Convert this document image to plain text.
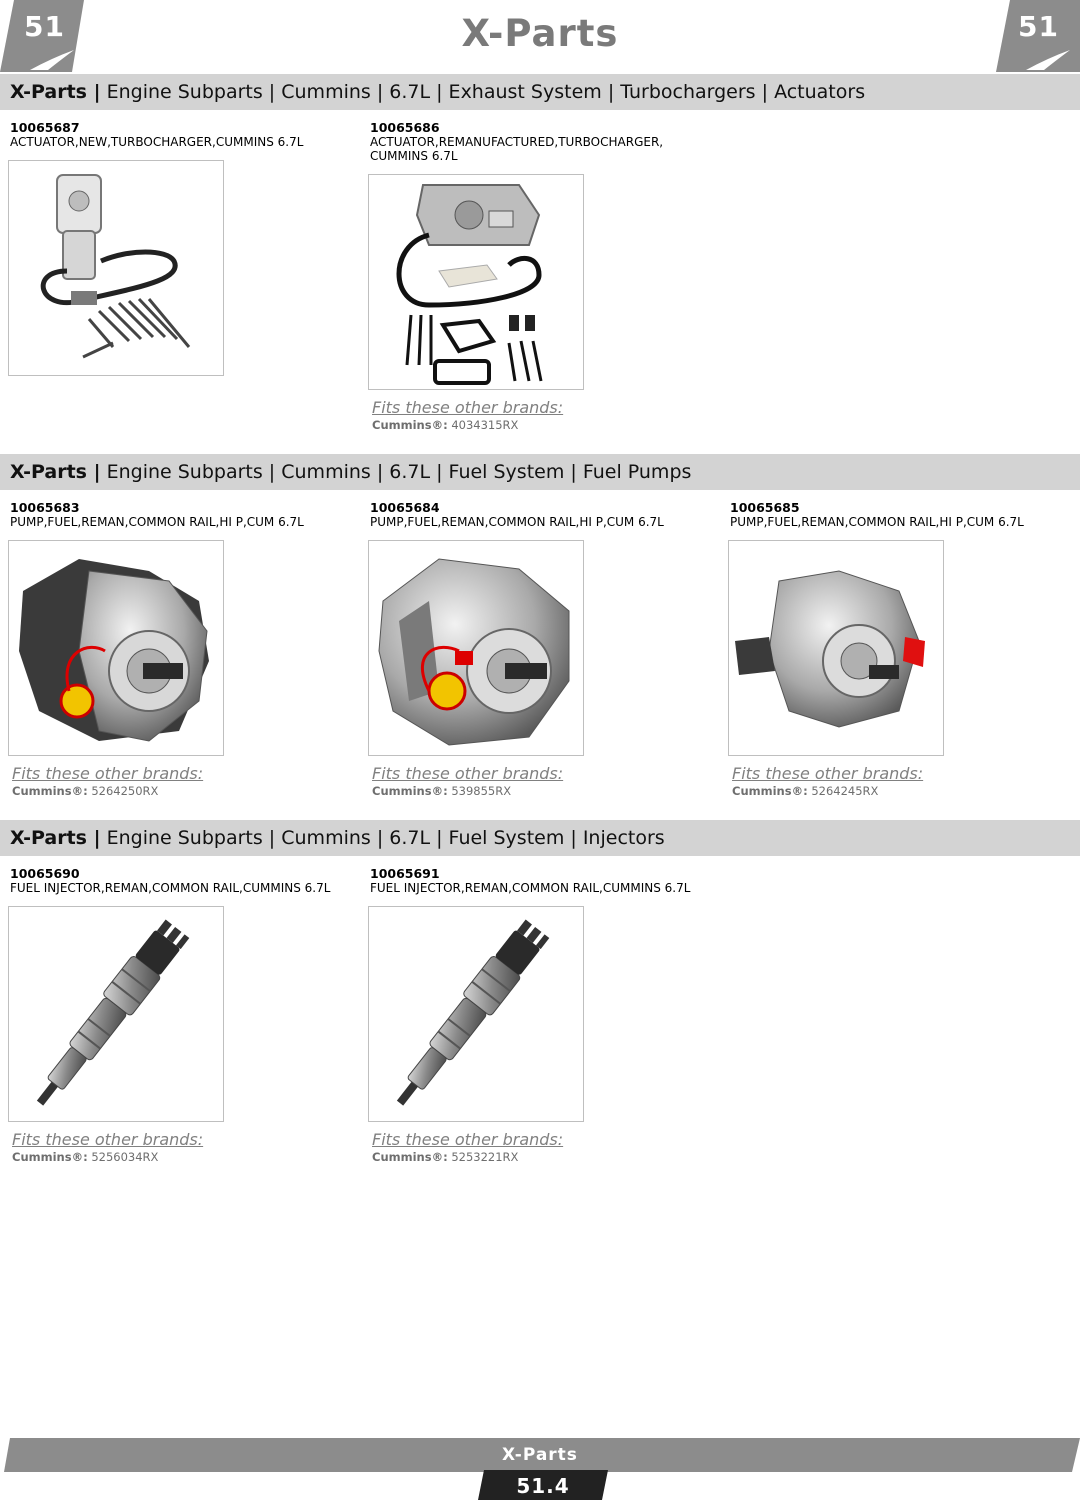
51	X-Parts	51
X-Parts | Engine Subparts | Cummins | 6.7L | Exhaust System | Turbochargers | Actuators
10065687
ACTUATOR,NEW,TURBOCHARGER,CUMMINS 6.7L
10065686
ACTUATOR,REMANUFACTURED,TURBOCHARGER, CUMMINS 6.7L
Fits these other brands:
Cummins®: 4034315RX
X-Parts | Engine Subparts | Cummins | 6.7L | Fuel System | Fuel Pumps
10065683
PUMP,FUEL,REMAN,COMMON RAIL,HI P,CUM 6.7L
Fits these other brands:
Cummins®: 5264250RX
10065684
PUMP,FUEL,REMAN,COMMON RAIL,HI P,CUM 6.7L
Fits these other brands:
Cummins®: 539855RX
10065685
PUMP,FUEL,REMAN,COMMON RAIL,HI P,CUM 6.7L
Fits these other brands:
Cummins®: 5264245RX
X-Parts | Engine Subparts | Cummins | 6.7L | Fuel System | Injectors
10065690
FUEL INJECTOR,REMAN,COMMON RAIL,CUMMINS 6.7L
Fits these other brands:
Cummins®: 5256034RX
10065691
FUEL INJECTOR,REMAN,COMMON RAIL,CUMMINS 6.7L
Fits these other brands:
Cummins®: 5253221RX
X-Parts
51.4
